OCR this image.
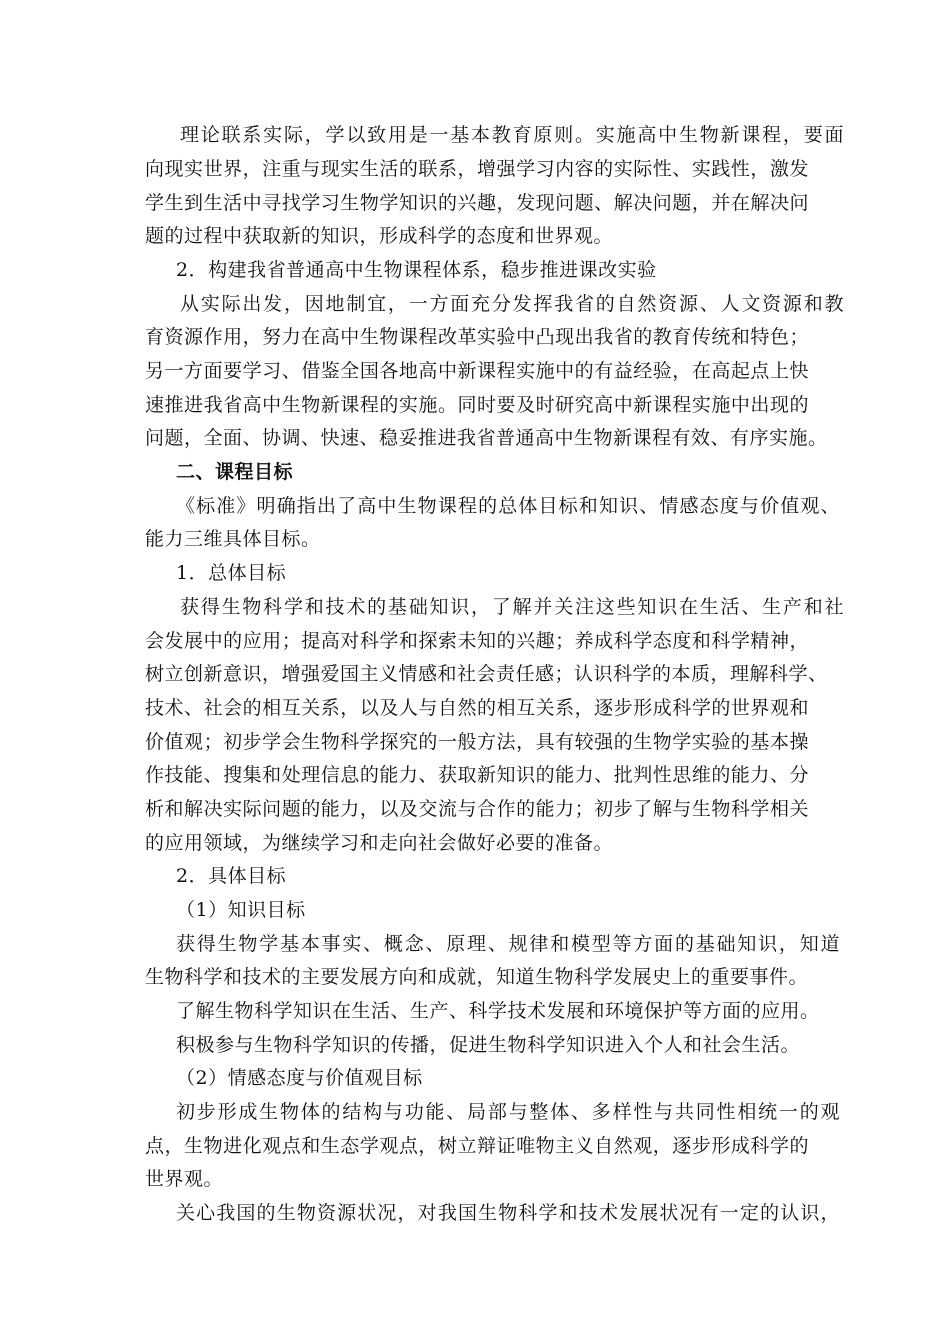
理论联系实际，学以致用是一基本教育原则。实施高中生物新课程，要面

向现实世界，注重与现实生活的联系，增强学习内容的实际性、实践性，激发

学生到生活中寻找学习生物学知识的兴趣，发现问题、解决问题，并在解决问

题的过程中获取新的知识，形成科学的态度和世界观。

2．构建我省普通高中生物课程体系，稳步推进课改实验

从实际出发，因地制宜，一方面充分发挥我省的自然资源、人文资源和教

育资源作用，努力在高中生物课程改革实验中凸现出我省的教育传统和特色；

另一方面要学习、借鉴全国各地高中新课程实施中的有益经验，在高起点上快

速推进我省高中生物新课程的实施。同时要及时研究高中新课程实施中出现的

问题，全面、协调、快速、稳妥推进我省普通高中生物新课程有效、有序实施。

二、课程目标

《标准》明确指出了高中生物课程的总体目标和知识、情感态度与价值观、

能力三维具体目标。

1．总体目标

获得生物科学和技术的基础知识，了解并关注这些知识在生活、生产和社

会发展中的应用；提高对科学和探索未知的兴趣；养成科学态度和科学精神，

树立创新意识，增强爱国主义情感和社会责任感；认识科学的本质，理解科学、

技术、社会的相互关系，以及人与自然的相互关系，逐步形成科学的世界观和

价值观；初步学会生物科学探究的一般方法，具有较强的生物学实验的基本操

作技能、搜集和处理信息的能力、获取新知识的能力、批判性思维的能力、分

析和解决实际问题的能力，以及交流与合作的能力；初步了解与生物科学相关

的应用领域，为继续学习和走向社会做好必要的准备。

2．具体目标

（1）知识目标

获得生物学基本事实、概念、原理、规律和模型等方面的基础知识，知道

生物科学和技术的主要发展方向和成就，知道生物科学发展史上的重要事件。

了解生物科学知识在生活、生产、科学技术发展和环境保护等方面的应用。

积极参与生物科学知识的传播，促进生物科学知识进入个人和社会生活。

（2）情感态度与价值观目标

初步形成生物体的结构与功能、局部与整体、多样性与共同性相统一的观

点，生物进化观点和生态学观点，树立辩证唯物主义自然观，逐步形成科学的

世界观。

关心我国的生物资源状况，对我国生物科学和技术发展状况有一定的认识，
